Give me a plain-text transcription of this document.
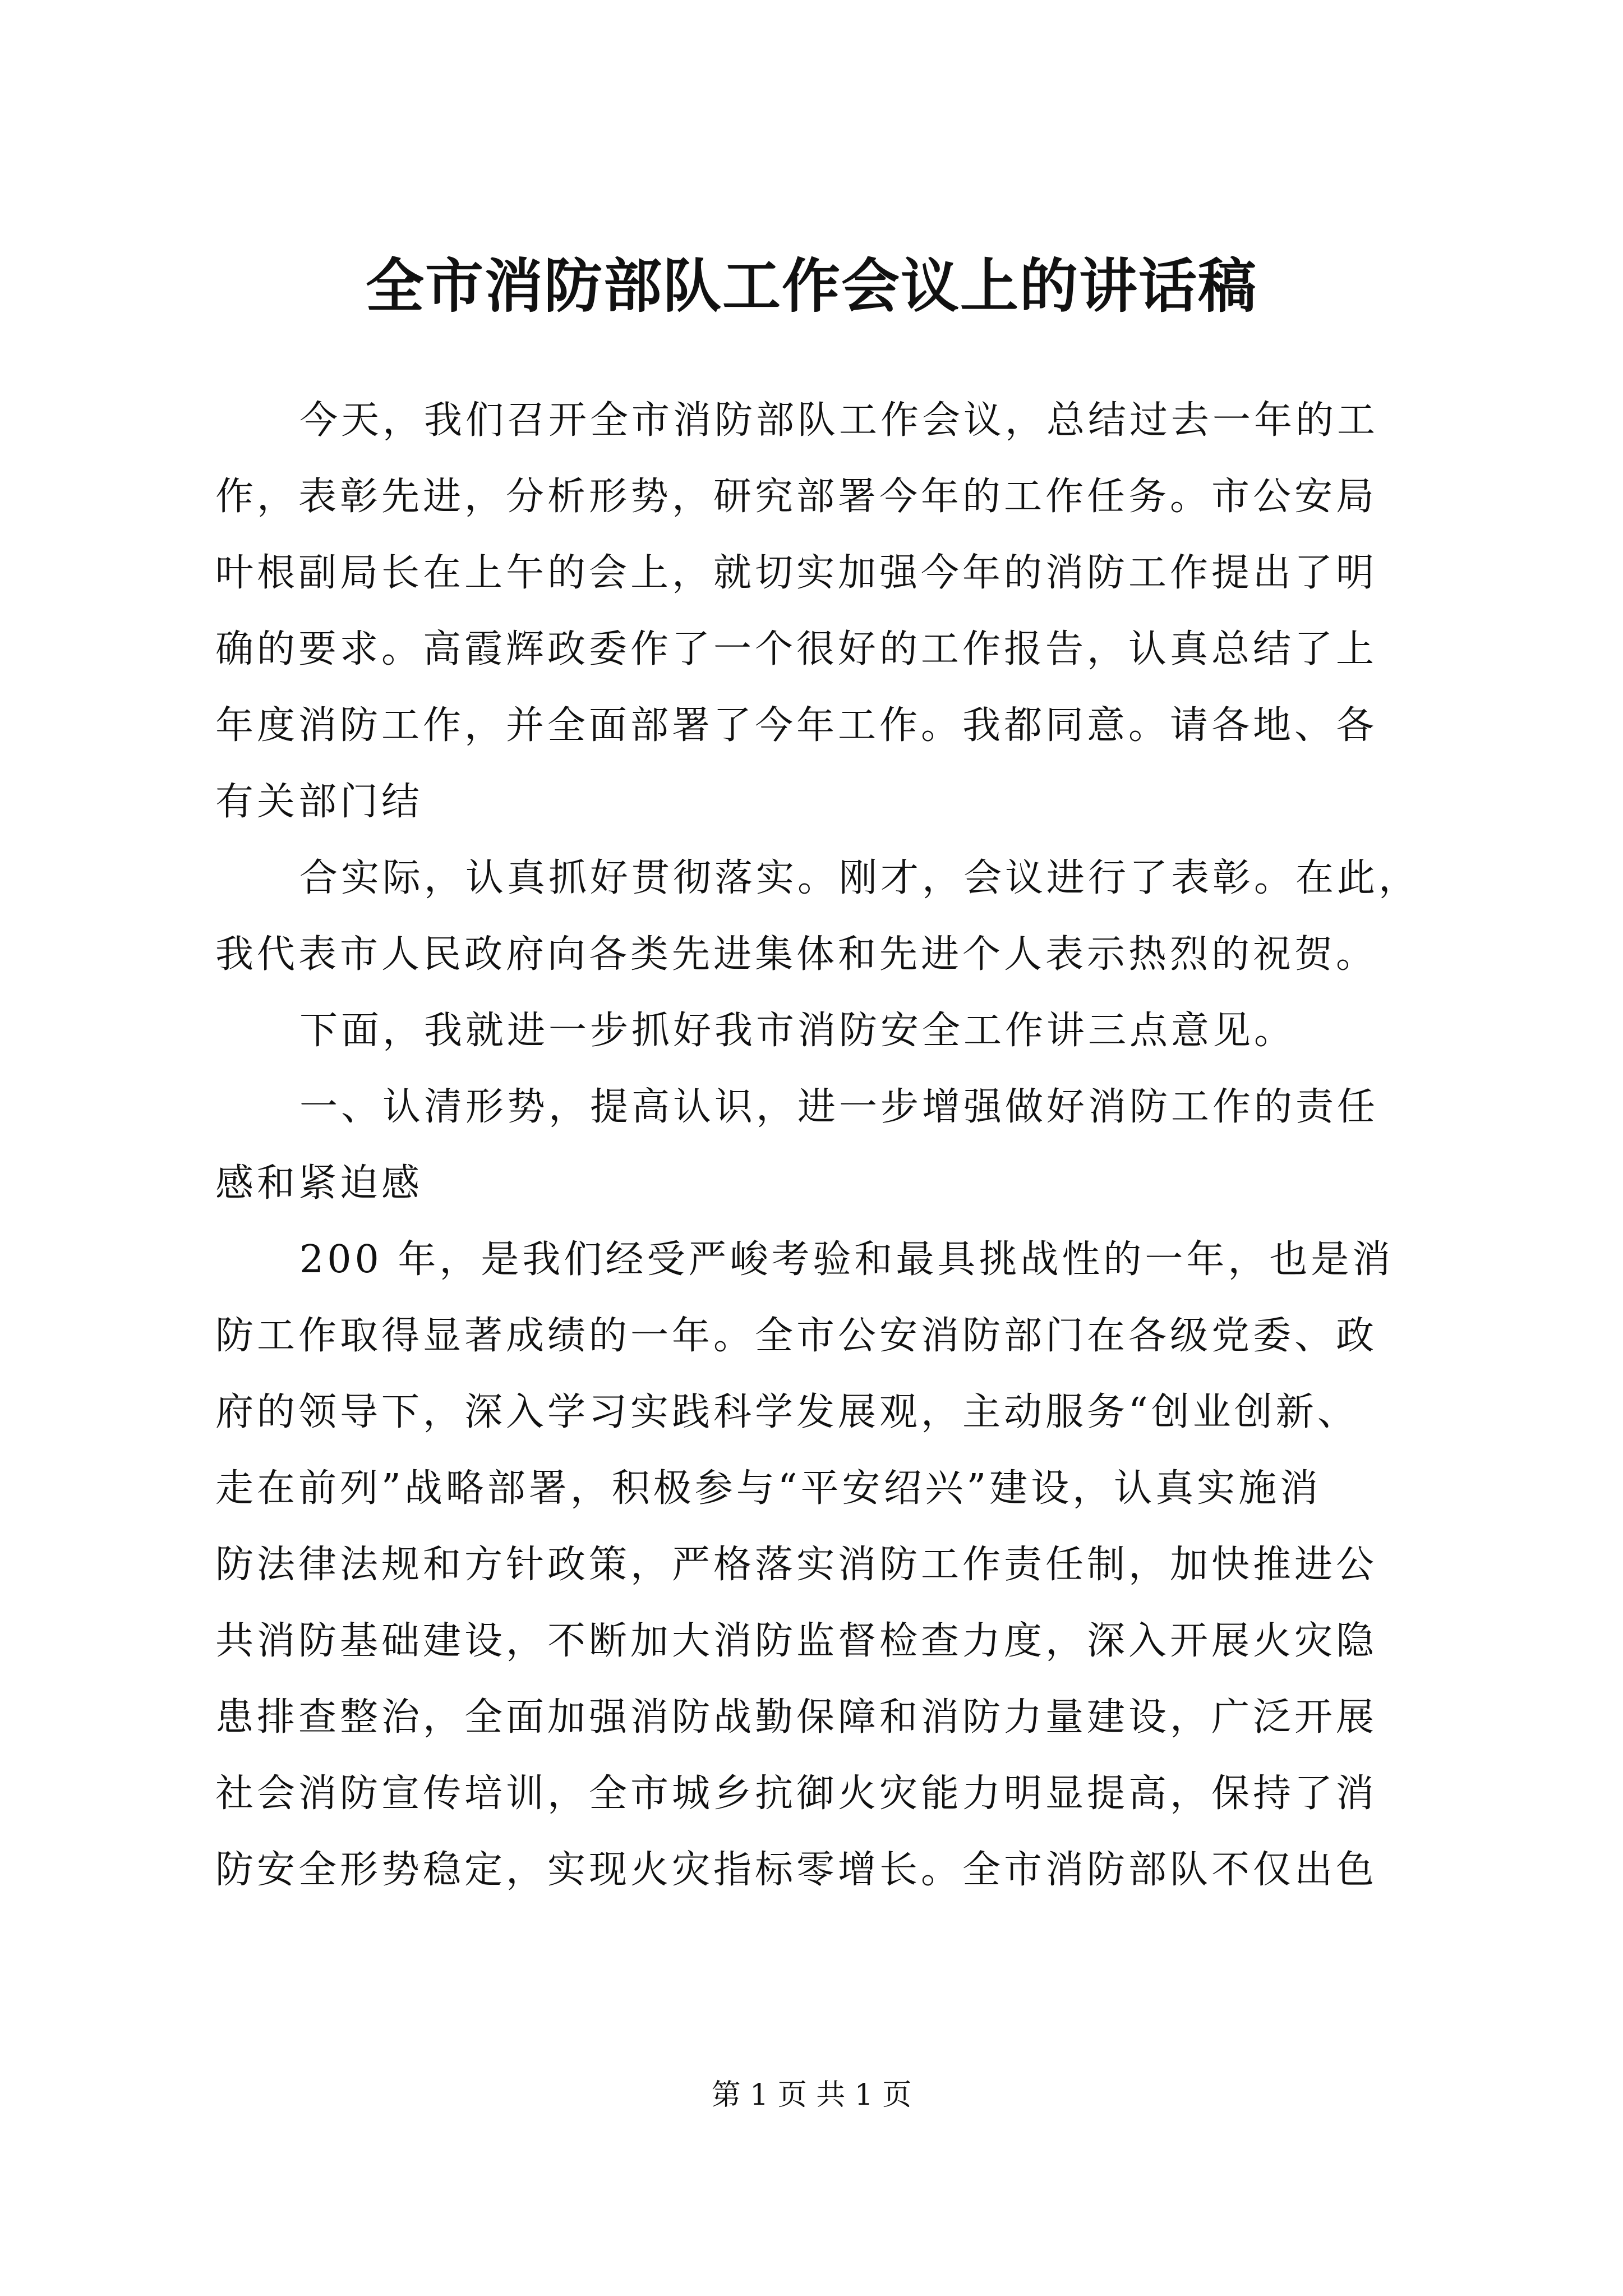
全市消防部队工作会议上的讲话稿
今天，我们召开全市消防部队工作会议，总结过去一年的工
作，表彰先进，分析形势，研究部署今年的工作任务。市公安局
叶根副局长在上午的会上，就切实加强今年的消防工作提出了明
确的要求。高霞辉政委作了一个很好的工作报告，认真总结了上
年度消防工作，并全面部署了今年工作。我都同意。请各地、各
有关部门结
合实际，认真抓好贯彻落实。刚才，会议进行了表彰。在此，
我代表市人民政府向各类先进集体和先进个人表示热烈的祝贺。
下面，我就进一步抓好我市消防安全工作讲三点意见。
一、认清形势，提高认识，进一步增强做好消防工作的责任
感和紧迫感
200 年，是我们经受严峻考验和最具挑战性的一年，也是消
防工作取得显著成绩的一年。全市公安消防部门在各级党委、政
府的领导下，深入学习实践科学发展观，主动服务“创业创新、
走在前列”战略部署，积极参与“平安绍兴”建设，认真实施消
防法律法规和方针政策，严格落实消防工作责任制，加快推进公
共消防基础建设，不断加大消防监督检查力度，深入开展火灾隐
患排查整治，全面加强消防战勤保障和消防力量建设，广泛开展
社会消防宣传培训，全市城乡抗御火灾能力明显提高，保持了消
防安全形势稳定，实现火灾指标零增长。全市消防部队不仅出色
第 1 页 共 1 页
